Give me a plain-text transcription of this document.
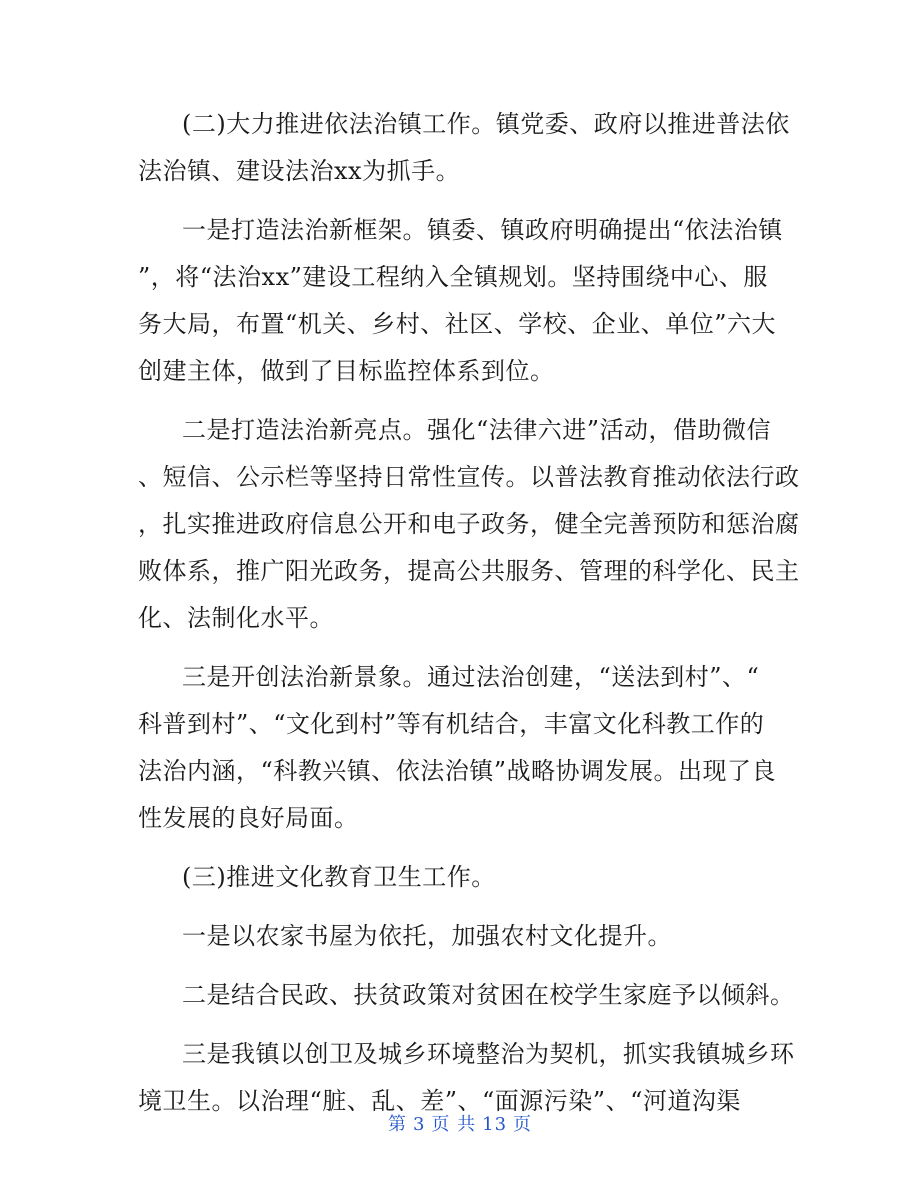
(二)大力推进依法治镇工作。镇党委、政府以推进普法依
法治镇、建设法治xx为抓手。
一是打造法治新框架。镇委、镇政府明确提出“依法治镇
”，将“法治xx”建设工程纳入全镇规划。坚持围绕中心、服
务大局，布置“机关、乡村、社区、学校、企业、单位”六大
创建主体，做到了目标监控体系到位。
二是打造法治新亮点。强化“法律六进”活动，借助微信
、短信、公示栏等坚持日常性宣传。以普法教育推动依法行政
，扎实推进政府信息公开和电子政务，健全完善预防和惩治腐
败体系，推广阳光政务，提高公共服务、管理的科学化、民主
化、法制化水平。
三是开创法治新景象。通过法治创建，“送法到村”、“
科普到村”、“文化到村”等有机结合，丰富文化科教工作的
法治内涵，“科教兴镇、依法治镇”战略协调发展。出现了良
性发展的良好局面。
(三)推进文化教育卫生工作。
一是以农家书屋为依托，加强农村文化提升。
二是结合民政、扶贫政策对贫困在校学生家庭予以倾斜。
三是我镇以创卫及城乡环境整治为契机，抓实我镇城乡环
境卫生。以治理“脏、乱、差”、“面源污染”、“河道沟渠
第 3 页 共 13 页
